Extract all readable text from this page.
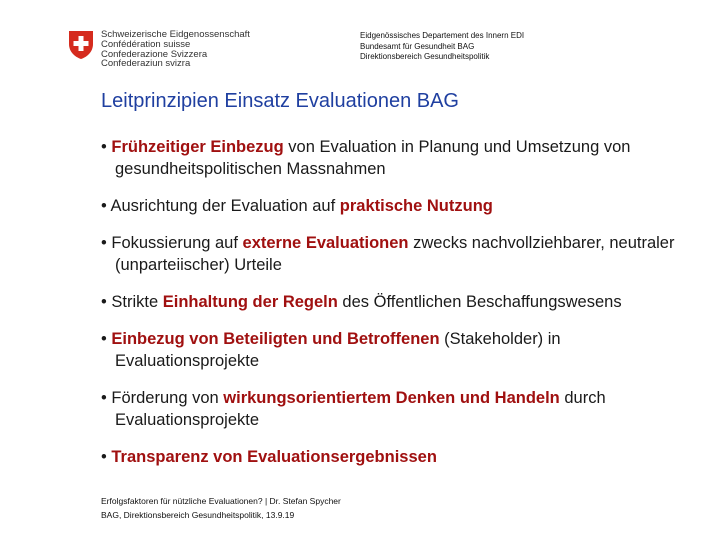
Schweizerische Eidgenossenschaft
Confédération suisse
Confederazione Svizzera
Confederaziun svizra
Eidgenössisches Departement des Innern EDI
Bundesamt für Gesundheit BAG
Direktionsbereich Gesundheitspolitik
Leitprinzipien Einsatz Evaluationen BAG
• Frühzeitiger Einbezug von Evaluation in Planung und Umsetzung von gesundheitspolitischen Massnahmen
• Ausrichtung der Evaluation auf praktische Nutzung
• Fokussierung auf externe Evaluationen zwecks nachvollziehbarer, neutraler (unparteiischer) Urteile
• Strikte Einhaltung der Regeln des Öffentlichen Beschaffungswesens
• Einbezug von Beteiligten und Betroffenen (Stakeholder) in Evaluationsprojekte
• Förderung von wirkungsorientiertem Denken und Handeln durch Evaluationsprojekte
• Transparenz von Evaluationsergebnissen
Erfolgsfaktoren für nützliche Evaluationen? | Dr. Stefan Spycher
BAG, Direktionsbereich Gesundheitspolitik, 13.9.19
